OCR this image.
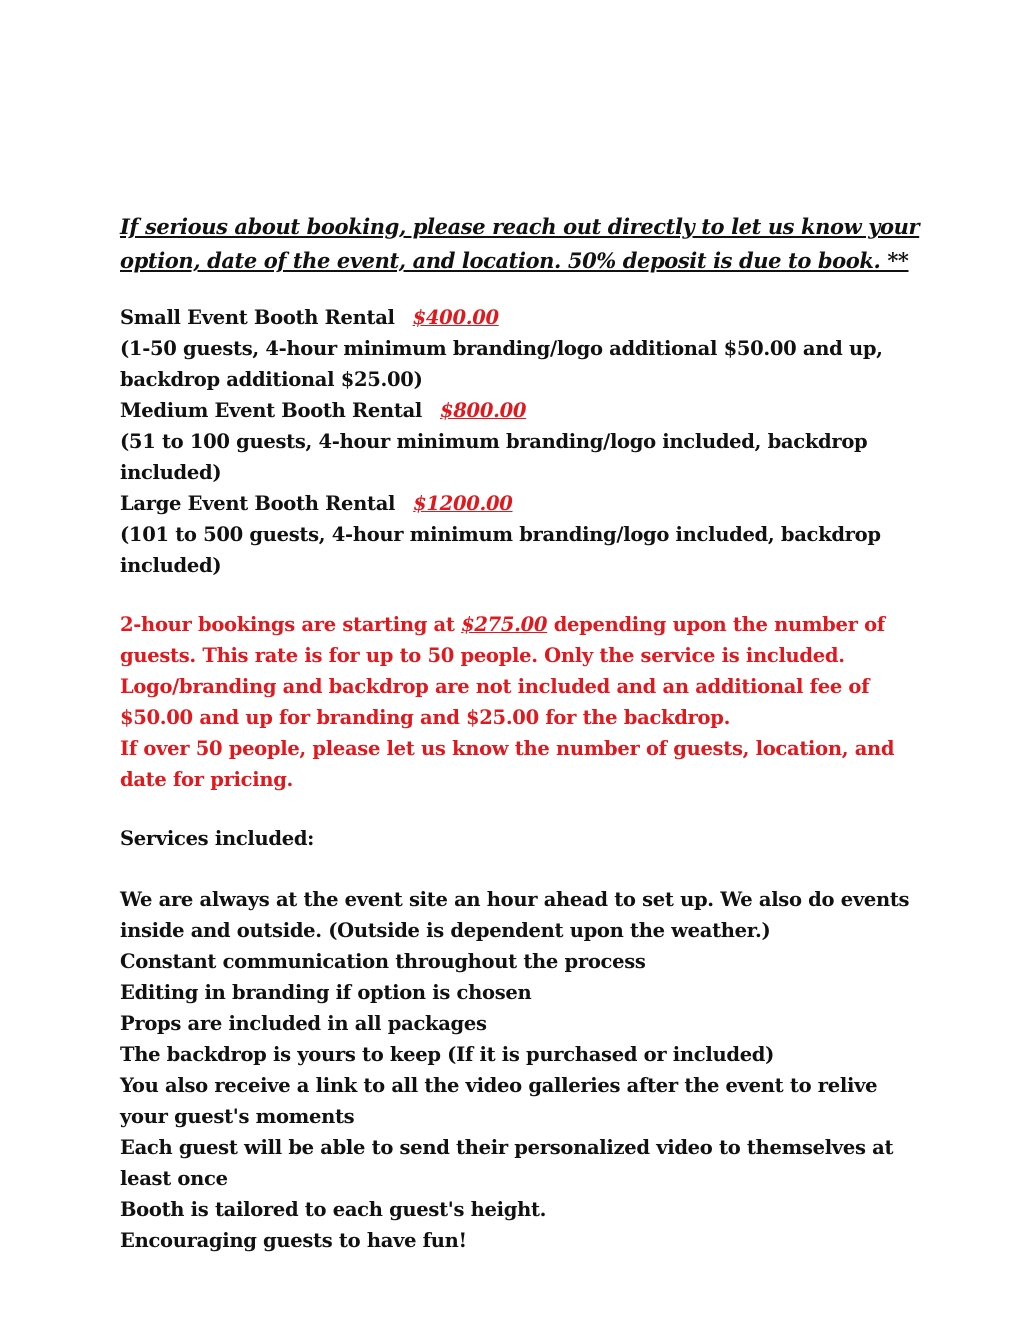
If serious about booking, please reach out directly to let us know your option, date of the event, and location. 50% deposit is due to book. **
Small Event Booth Rental $400.00
(1-50 guests, 4-hour minimum branding/logo additional $50.00 and up, backdrop additional $25.00)
Medium Event Booth Rental $800.00
(51 to 100 guests, 4-hour minimum branding/logo included, backdrop included)
Large Event Booth Rental $1200.00
(101 to 500 guests, 4-hour minimum branding/logo included, backdrop included)
2-hour bookings are starting at $275.00 depending upon the number of guests. This rate is for up to 50 people. Only the service is included. Logo/branding and backdrop are not included and an additional fee of $50.00 and up for branding and $25.00 for the backdrop.
If over 50 people, please let us know the number of guests, location, and date for pricing.
Services included:
We are always at the event site an hour ahead to set up. We also do events inside and outside. (Outside is dependent upon the weather.)
Constant communication throughout the process
Editing in branding if option is chosen
Props are included in all packages
The backdrop is yours to keep (If it is purchased or included)
You also receive a link to all the video galleries after the event to relive your guest's moments
Each guest will be able to send their personalized video to themselves at least once
Booth is tailored to each guest's height.
Encouraging guests to have fun!
